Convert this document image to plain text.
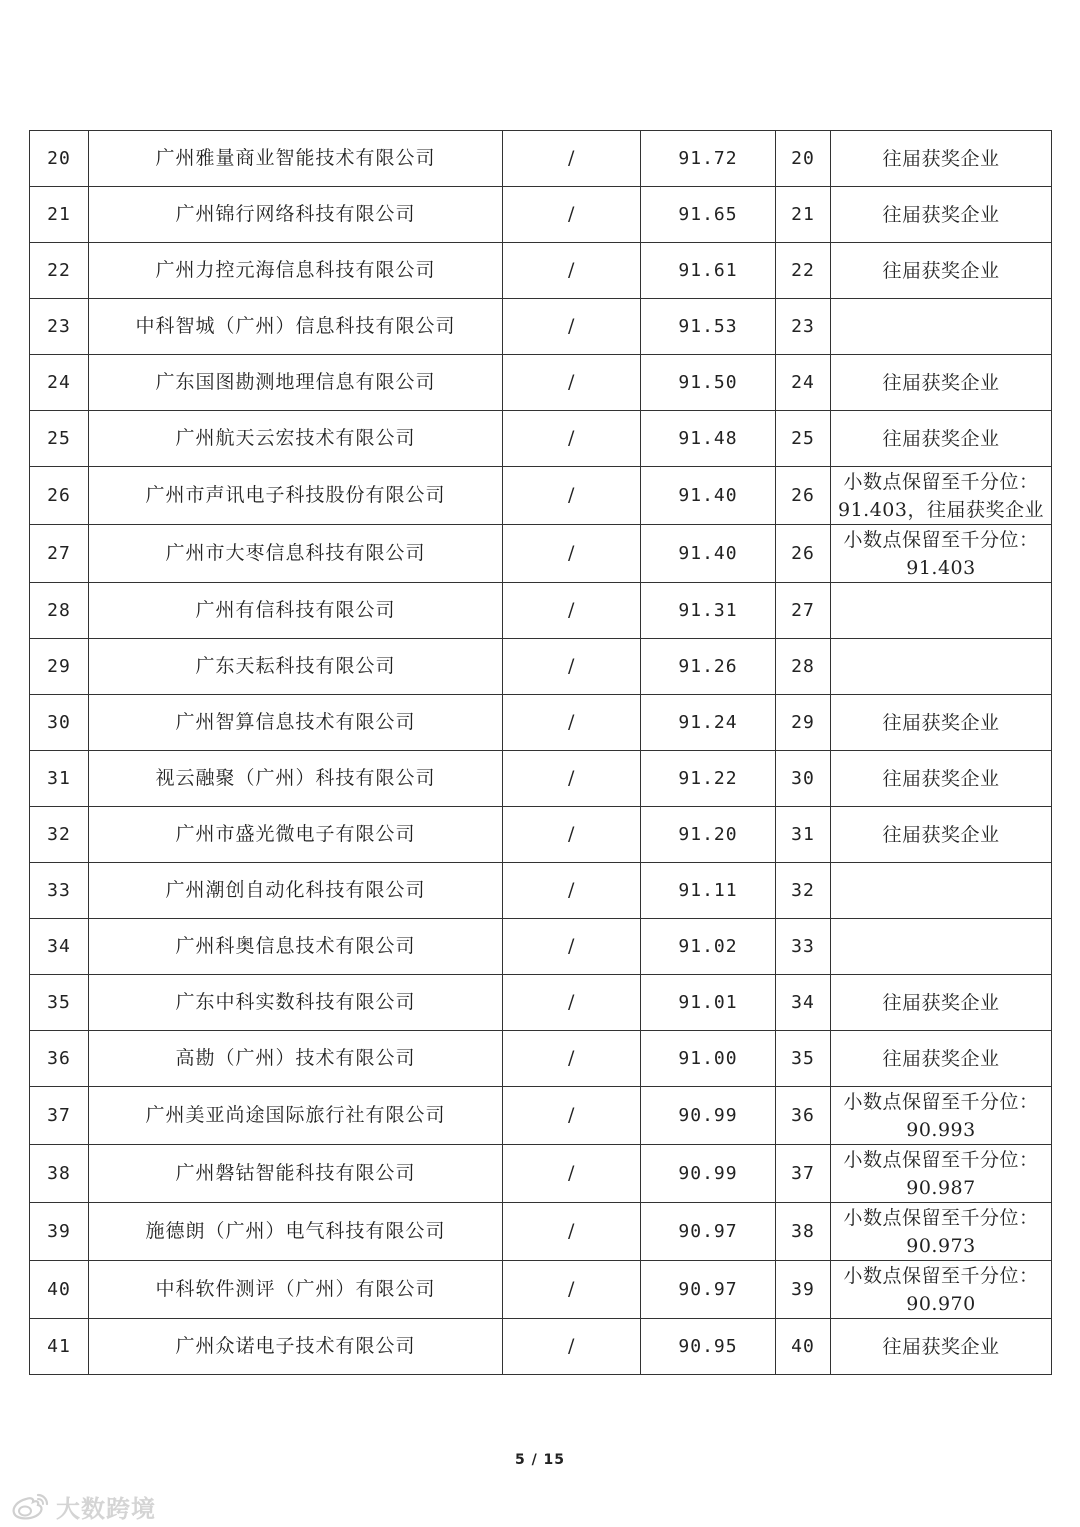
20	广州雅量商业智能技术有限公司	/	91.72	20	往届获奖企业

21	广州锦行网络科技有限公司	/	91.65	21	往届获奖企业

22	广州力控元海信息科技有限公司	/	91.61	22	往届获奖企业

23	中科智城（广州）信息科技有限公司	/	91.53	23	

24	广东国图勘测地理信息有限公司	/	91.50	24	往届获奖企业

25	广州航天云宏技术有限公司	/	91.48	25	往届获奖企业

26	广州市声讯电子科技股份有限公司	/	91.40	26	小数点保留至千分位：
91.403，往届获奖企业

27	广州市大枣信息科技有限公司	/	91.40	26	小数点保留至千分位：
91.403

28	广州有信科技有限公司	/	91.31	27	

29	广东天耘科技有限公司	/	91.26	28	

30	广州智算信息技术有限公司	/	91.24	29	往届获奖企业

31	视云融聚（广州）科技有限公司	/	91.22	30	往届获奖企业

32	广州市盛光微电子有限公司	/	91.20	31	往届获奖企业

33	广州潮创自动化科技有限公司	/	91.11	32	

34	广州科奥信息技术有限公司	/	91.02	33	

35	广东中科实数科技有限公司	/	91.01	34	往届获奖企业

36	高勘（广州）技术有限公司	/	91.00	35	往届获奖企业

37	广州美亚尚途国际旅行社有限公司	/	90.99	36	小数点保留至千分位：
90.993

38	广州磐钴智能科技有限公司	/	90.99	37	小数点保留至千分位：
90.987

39	施德朗（广州）电气科技有限公司	/	90.97	38	小数点保留至千分位：
90.973

40	中科软件测评（广州）有限公司	/	90.97	39	小数点保留至千分位：
90.970

41	广州众诺电子技术有限公司	/	90.95	40	往届获奖企业
5 / 15
大数跨境
